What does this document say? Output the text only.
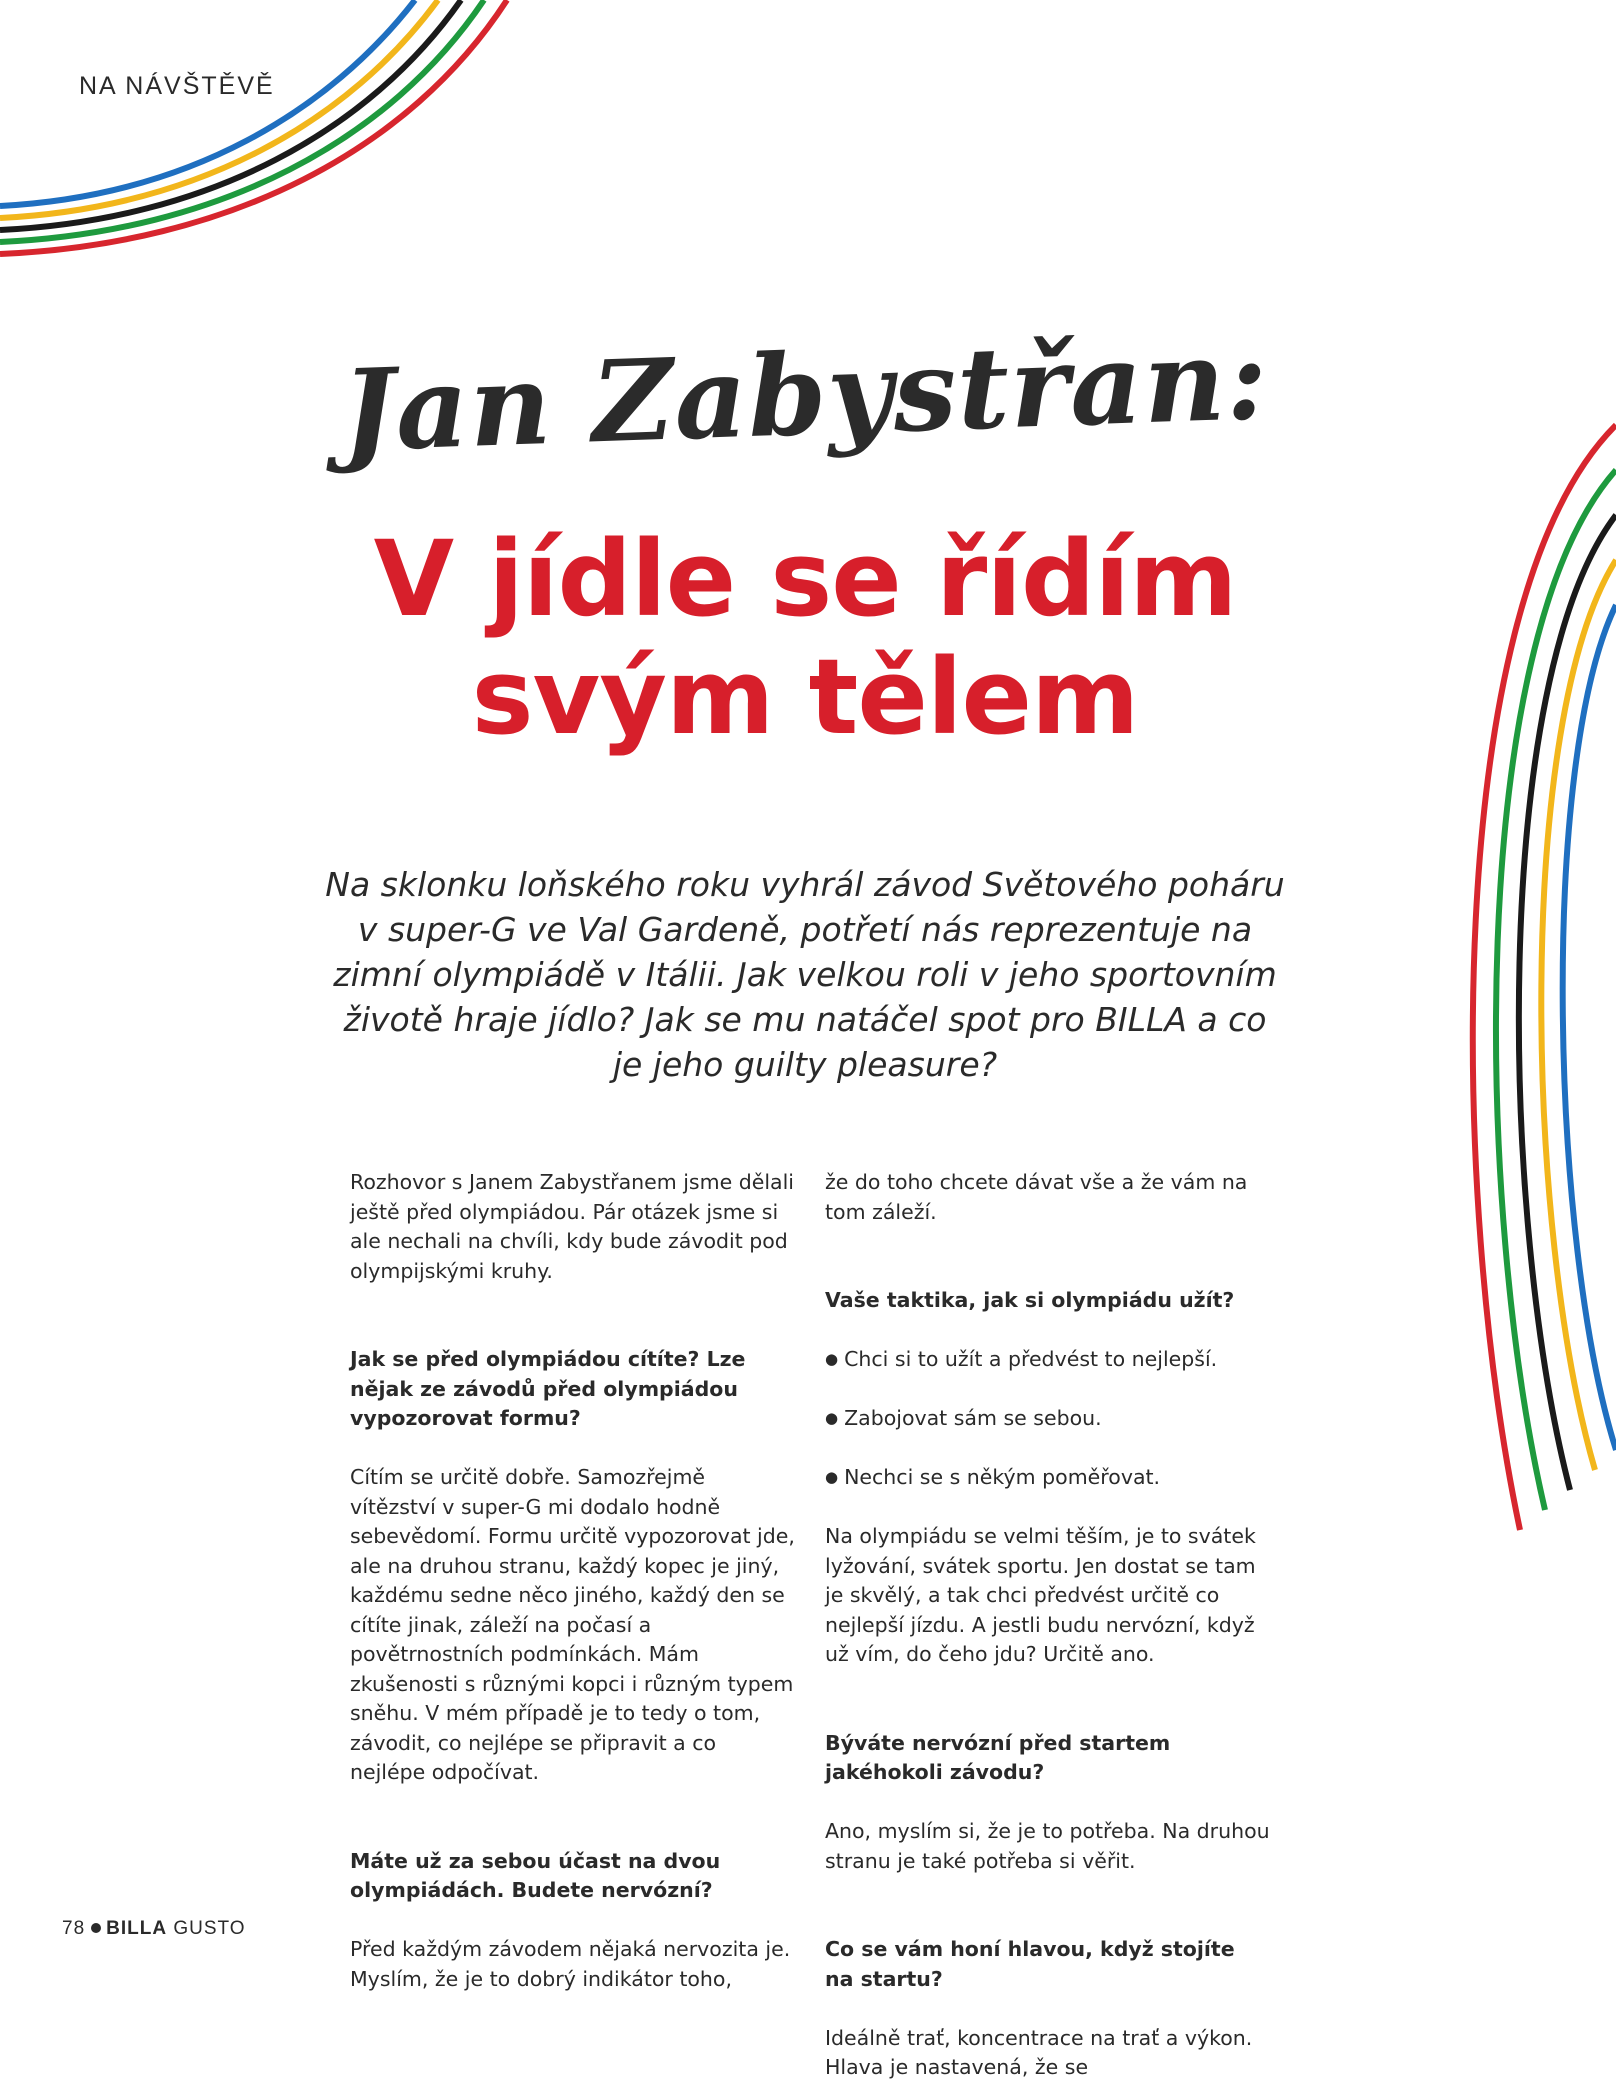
NA NÁVŠTĚVĚ
Jan Zabystřan:
V jídle se řídím
svým tělem
Na sklonku loňského roku vyhrál závod Světového poháru v super-G ve Val Gardeně, potřetí nás reprezentuje na zimní olympiádě v Itálii. Jak velkou roli v jeho sportovním životě hraje jídlo? Jak se mu natáčel spot pro BILLA a co je jeho guilty pleasure?

Rozhovor s Janem Zabystřanem jsme dělali ještě před olympiádou. Pár otázek jsme si ale nechali na chvíli, kdy bude závodit pod olympijskými kruhy.

Jak se před olympiádou cítíte? Lze nějak ze závodů před olympiádou vypozorovat formu?

Cítím se určitě dobře. Samozřejmě vítězství v super-G mi dodalo hodně sebevědomí. Formu určitě vypozorovat jde, ale na druhou stranu, každý kopec je jiný, každému sedne něco jiného, každý den se cítíte jinak, záleží na počasí a povětrnostních podmínkách. Mám zkušenosti s různými kopci i různým typem sněhu. V mém případě je to tedy o tom, závodit, co nejlépe se připravit a co nejlépe odpočívat.

Máte už za sebou účast na dvou olympiádách. Budete nervózní?

Před každým závodem nějaká nervozita je. Myslím, že je to dobrý indikátor toho,

že do toho chcete dávat vše a že vám na tom záleží.

Vaše taktika, jak si olympiádu užít?

● Chci si to užít a předvést to nejlepší.

● Zabojovat sám se sebou.

● Nechci se s někým poměřovat.

Na olympiádu se velmi těším, je to svátek lyžování, svátek sportu. Jen dostat se tam je skvělý, a tak chci předvést určitě co nejlepší jízdu. A jestli budu nervózní, když už vím, do čeho jdu? Určitě ano.

Býváte nervózní před startem jakéhokoli závodu?

Ano, myslím si, že je to potřeba. Na druhou stranu je také potřeba si věřit.

Co se vám honí hlavou, když stojíte na startu?

Ideálně trať, koncentrace na trať a výkon. Hlava je nastavená, že se

78 BILLA GUSTO
